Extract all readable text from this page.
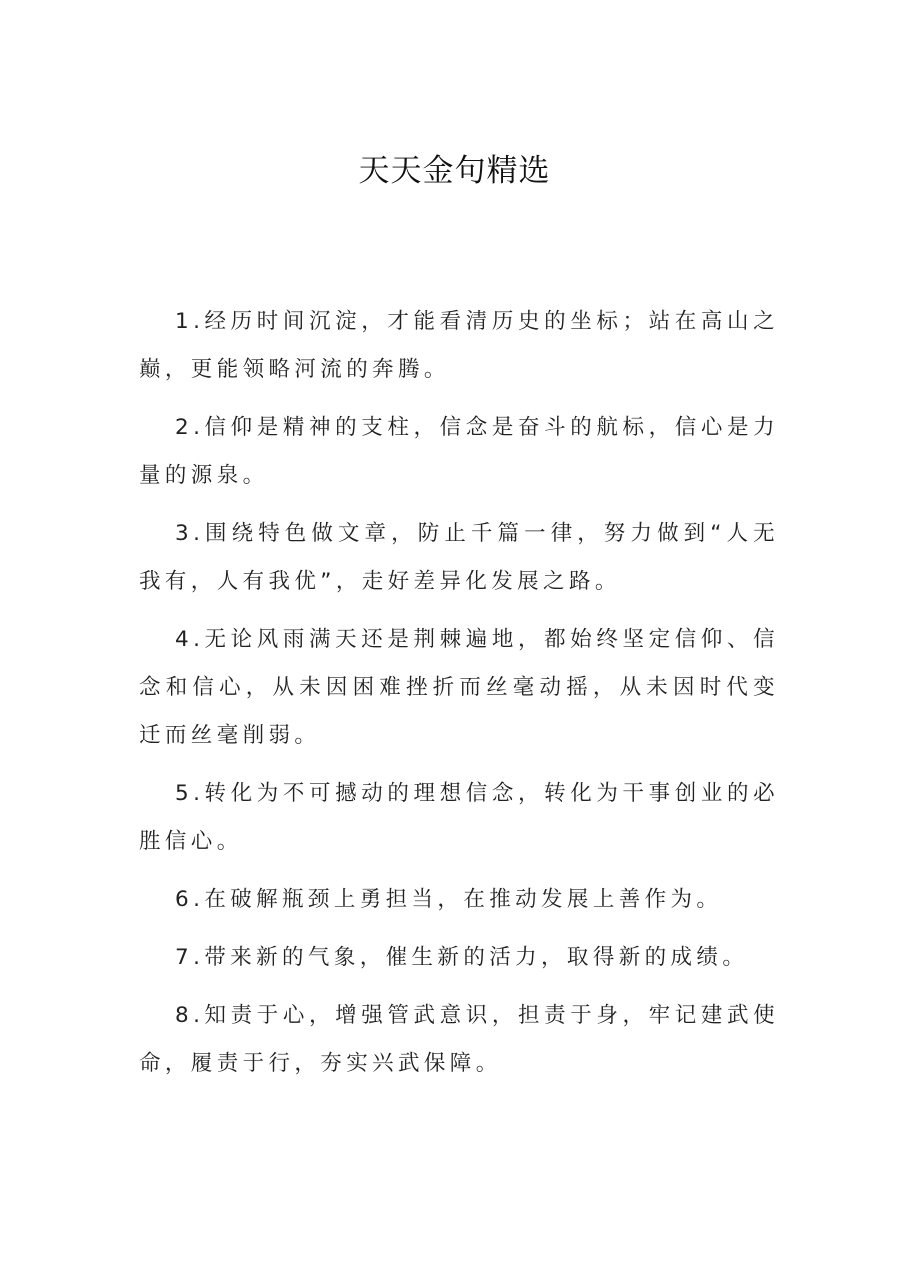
天天金句精选

1.经历时间沉淀，才能看清历史的坐标；站在高山之巅，更能领略河流的奔腾。

2.信仰是精神的支柱，信念是奋斗的航标，信心是力量的源泉。

3.围绕特色做文章，防止千篇一律，努力做到“人无我有，人有我优”，走好差异化发展之路。

4.无论风雨满天还是荆棘遍地，都始终坚定信仰、信念和信心，从未因困难挫折而丝毫动摇，从未因时代变迁而丝毫削弱。

5.转化为不可撼动的理想信念，转化为干事创业的必胜信心。

6.在破解瓶颈上勇担当，在推动发展上善作为。

7.带来新的气象，催生新的活力，取得新的成绩。

8.知责于心，增强管武意识，担责于身，牢记建武使命，履责于行，夯实兴武保障。
